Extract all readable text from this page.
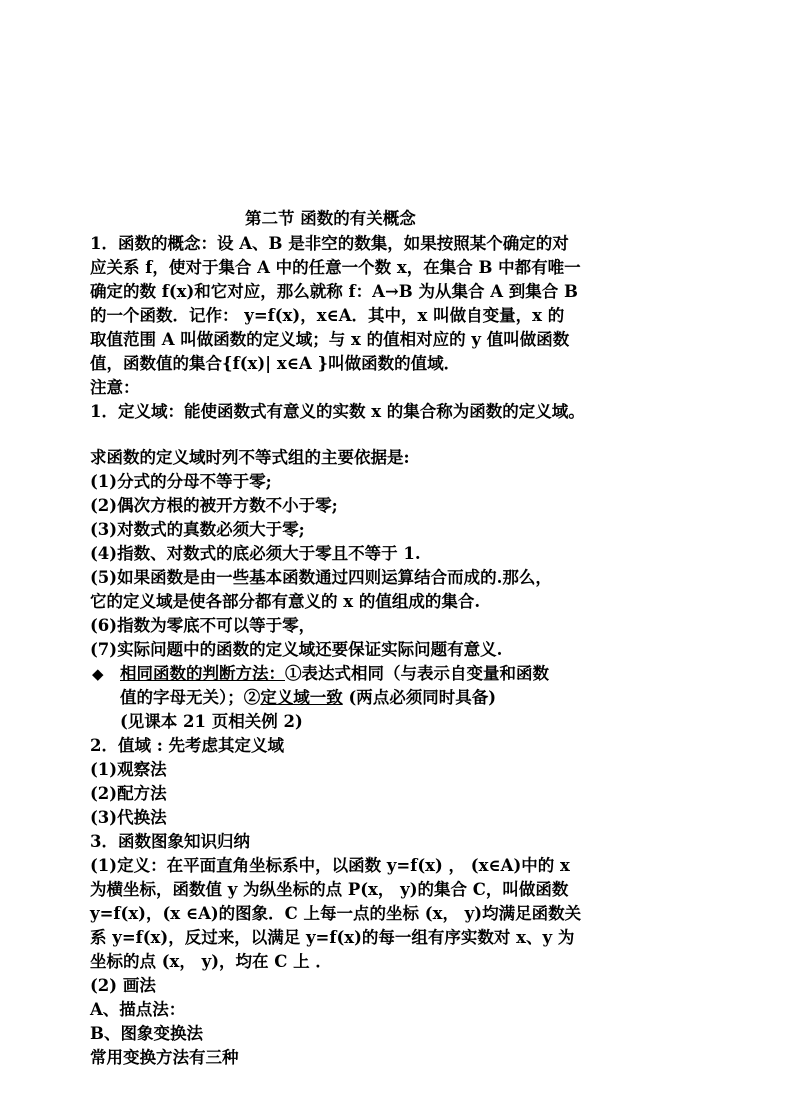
第二节 函数的有关概念
1．函数的概念：设 A、B 是非空的数集，如果按照某个确定的对
应关系 f，使对于集合 A 中的任意一个数 x，在集合 B 中都有唯一
确定的数 f(x)和它对应，那么就称 f：A→B 为从集合 A 到集合 B
的一个函数．记作： y=f(x)，x∈A．其中，x 叫做自变量，x 的
取值范围 A 叫做函数的定义域；与 x 的值相对应的 y 值叫做函数
值，函数值的集合{f(x)| x∈A }叫做函数的值域．
注意：
1．定义域：能使函数式有意义的实数 x 的集合称为函数的定义域。
求函数的定义域时列不等式组的主要依据是:
(1)分式的分母不等于零;
(2)偶次方根的被开方数不小于零;
(3)对数式的真数必须大于零;
(4)指数、对数式的底必须大于零且不等于 1.
(5)如果函数是由一些基本函数通过四则运算结合而成的.那么，
它的定义域是使各部分都有意义的 x 的值组成的集合.
(6)指数为零底不可以等于零，
(7)实际问题中的函数的定义域还要保证实际问题有意义.
◆ 相同函数的判断方法：①表达式相同（与表示自变量和函数
值的字母无关）；②定义域一致 (两点必须同时具备)
(见课本 21 页相关例 2)
2．值域 : 先考虑其定义域
(1)观察法
(2)配方法
(3)代换法
3．函数图象知识归纳
(1)定义：在平面直角坐标系中，以函数 y=f(x) ， (x∈A)中的 x
为横坐标，函数值 y 为纵坐标的点 P(x， y)的集合 C，叫做函数
y=f(x)，(x ∈A)的图象．C 上每一点的坐标 (x， y)均满足函数关
系 y=f(x)，反过来，以满足 y=f(x)的每一组有序实数对 x、y 为
坐标的点 (x， y)，均在 C 上 ．
(2) 画法
A、描点法：
B、图象变换法
常用变换方法有三种
